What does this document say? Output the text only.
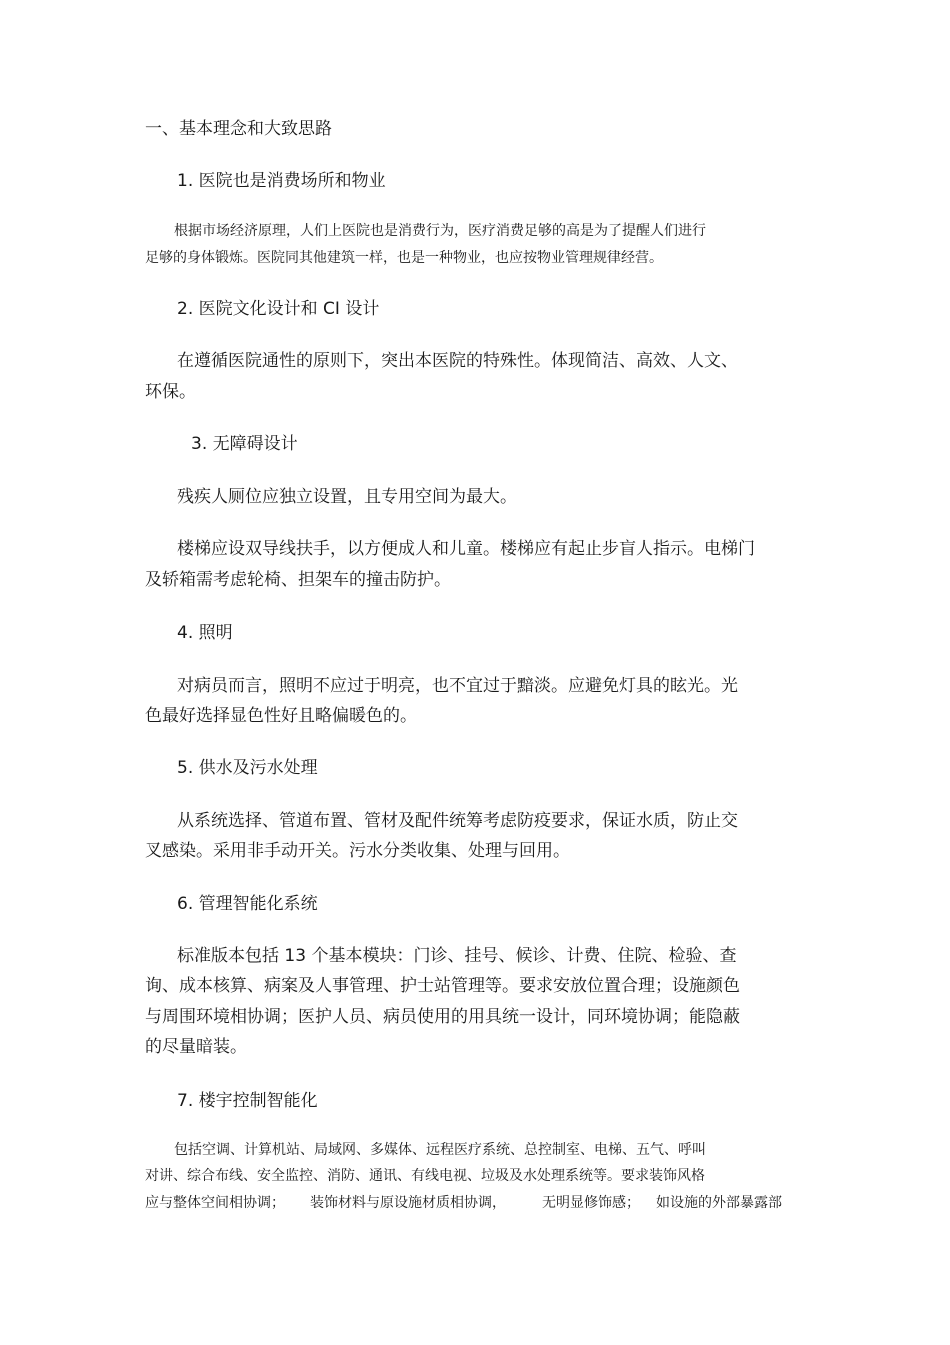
一、基本理念和大致思路
1. 医院也是消费场所和物业
根据市场经济原理，人们上医院也是消费行为，医疗消费足够的高是为了提醒人们进行
足够的身体锻炼。医院同其他建筑一样，也是一种物业，也应按物业管理规律经营。
2. 医院文化设计和 CI 设计
在遵循医院通性的原则下，突出本医院的特殊性。体现简洁、高效、人文、
环保。
3. 无障碍设计
残疾人厕位应独立设置，且专用空间为最大。
楼梯应设双导线扶手，以方便成人和儿童。楼梯应有起止步盲人指示。电梯门
及轿箱需考虑轮椅、担架车的撞击防护。
4. 照明
对病员而言，照明不应过于明亮，也不宜过于黯淡。应避免灯具的眩光。光
色最好选择显色性好且略偏暖色的。
5. 供水及污水处理
从系统选择、管道布置、管材及配件统筹考虑防疫要求，保证水质，防止交
叉感染。采用非手动开关。污水分类收集、处理与回用。
6. 管理智能化系统
标准版本包括 13 个基本模块：门诊、挂号、候诊、计费、住院、检验、查
询、成本核算、病案及人事管理、护士站管理等。要求安放位置合理；设施颜色
与周围环境相协调；医护人员、病员使用的用具统一设计，同环境协调；能隐蔽
的尽量暗装。
7. 楼宇控制智能化
包括空调、计算机站、局域网、多媒体、远程医疗系统、总控制室、电梯、五气、呼叫
对讲、综合布线、安全监控、消防、通讯、有线电视、垃圾及水处理系统等。要求装饰风格
应与整体空间相协调； 装饰材料与原设施材质相协调，	无明显修饰感； 如设施的外部暴露部
